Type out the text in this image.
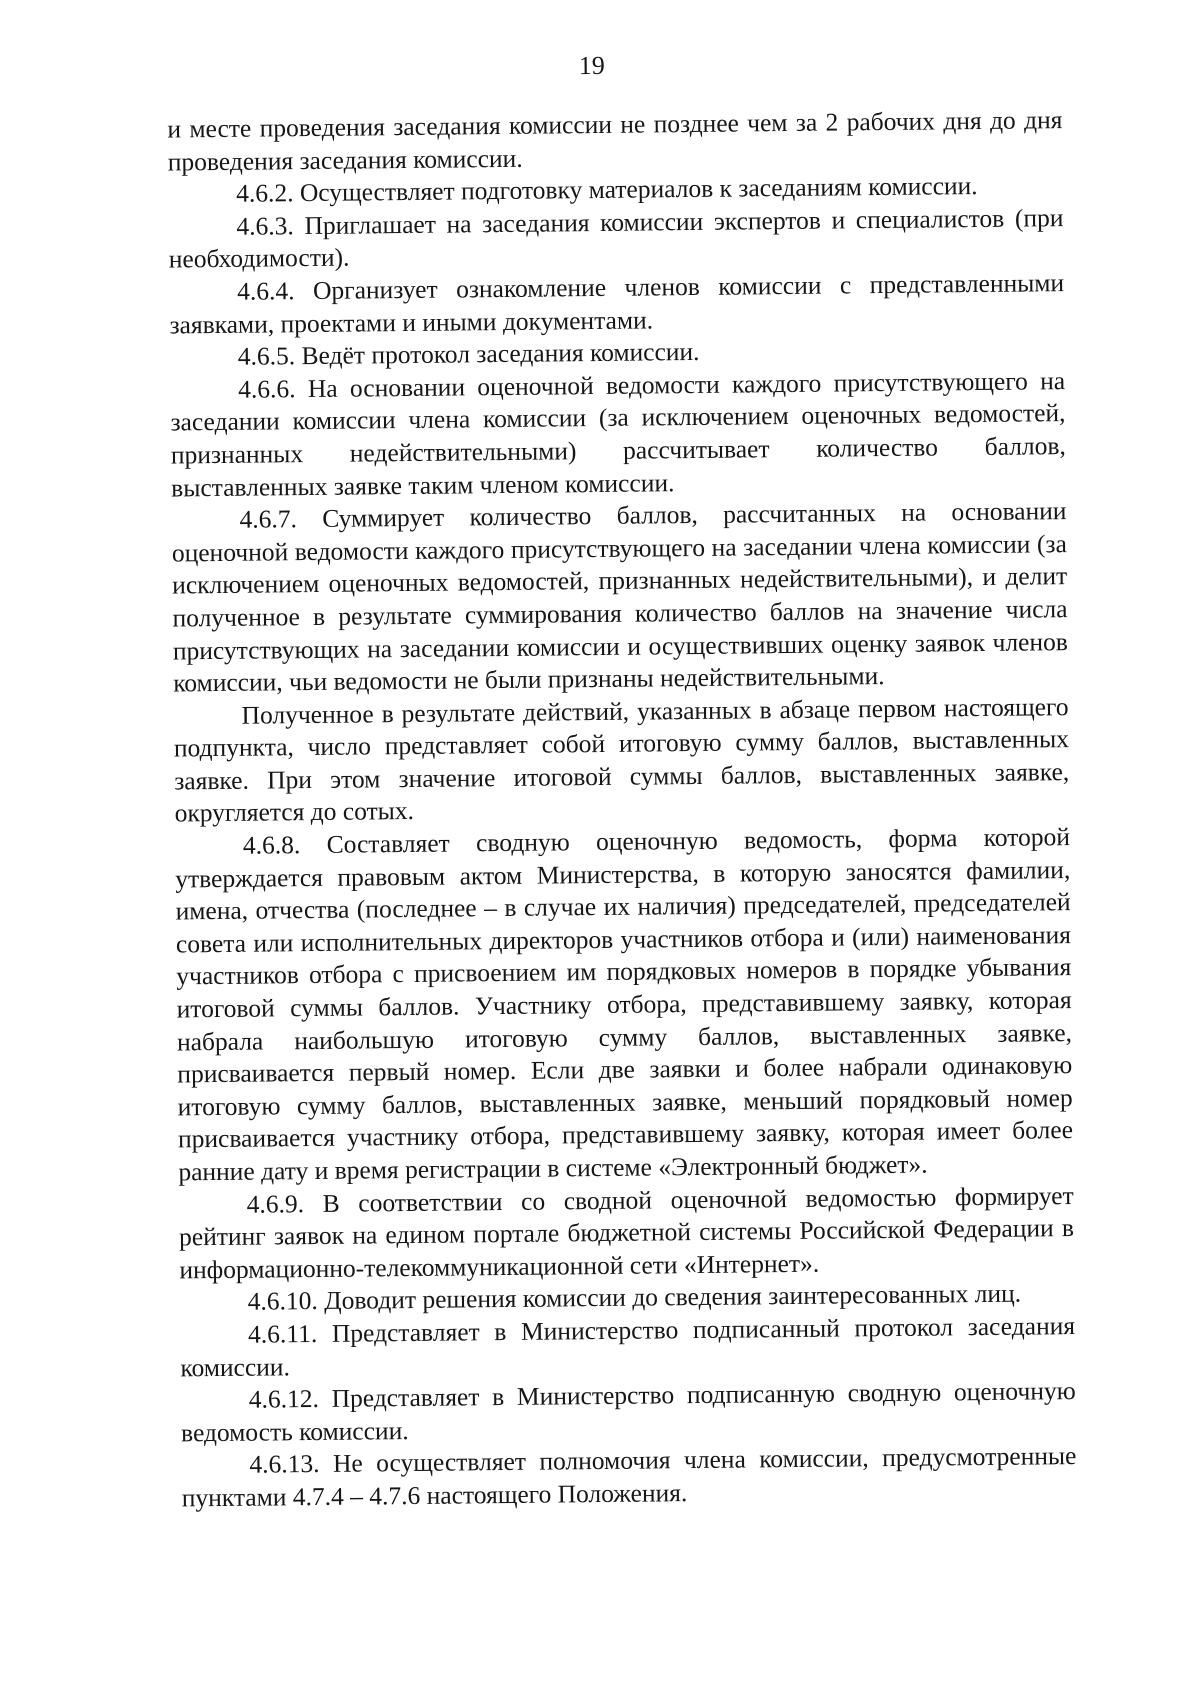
19

и месте проведения заседания комиссии не позднее чем за 2 рабочих дня до дня проведения заседания комиссии.

4.6.2. Осуществляет подготовку материалов к заседаниям комиссии.

4.6.3. Приглашает на заседания комиссии экспертов и специалистов (при необходимости).

4.6.4. Организует ознакомление членов комиссии с представленными заявками, проектами и иными документами.

4.6.5. Ведёт протокол заседания комиссии.

4.6.6. На основании оценочной ведомости каждого присутствующего на заседании комиссии члена комиссии (за исключением оценочных ведомостей, признанных недействительными) рассчитывает количество баллов, выставленных заявке таким членом комиссии.

4.6.7. Суммирует количество баллов, рассчитанных на основании оценочной ведомости каждого присутствующего на заседании члена комиссии (за исключением оценочных ведомостей, признанных недействительными), и делит полученное в результате суммирования количество баллов на значение числа присутствующих на заседании комиссии и осуществивших оценку заявок членов комиссии, чьи ведомости не были признаны недействительными.

Полученное в результате действий, указанных в абзаце первом настоящего подпункта, число представляет собой итоговую сумму баллов, выставленных заявке. При этом значение итоговой суммы баллов, выставленных заявке, округляется до сотых.

4.6.8. Составляет сводную оценочную ведомость, форма которой утверждается правовым актом Министерства, в которую заносятся фамилии, имена, отчества (последнее – в случае их наличия) председателей, председателей совета или исполнительных директоров участников отбора и (или) наименования участников отбора с присвоением им порядковых номеров в порядке убывания итоговой суммы баллов. Участнику отбора, представившему заявку, которая набрала наибольшую итоговую сумму баллов, выставленных заявке, присваивается первый номер. Если две заявки и более набрали одинаковую итоговую сумму баллов, выставленных заявке, меньший порядковый номер присваивается участнику отбора, представившему заявку, которая имеет более ранние дату и время регистрации в системе «Электронный бюджет».

4.6.9. В соответствии со сводной оценочной ведомостью формирует рейтинг заявок на едином портале бюджетной системы Российской Федерации в информационно-телекоммуникационной сети «Интернет».

4.6.10. Доводит решения комиссии до сведения заинтересованных лиц.

4.6.11. Представляет в Министерство подписанный протокол заседания комиссии.

4.6.12. Представляет в Министерство подписанную сводную оценочную ведомость комиссии.

4.6.13. Не осуществляет полномочия члена комиссии, предусмотренные пунктами 4.7.4 – 4.7.6 настоящего Положения.
